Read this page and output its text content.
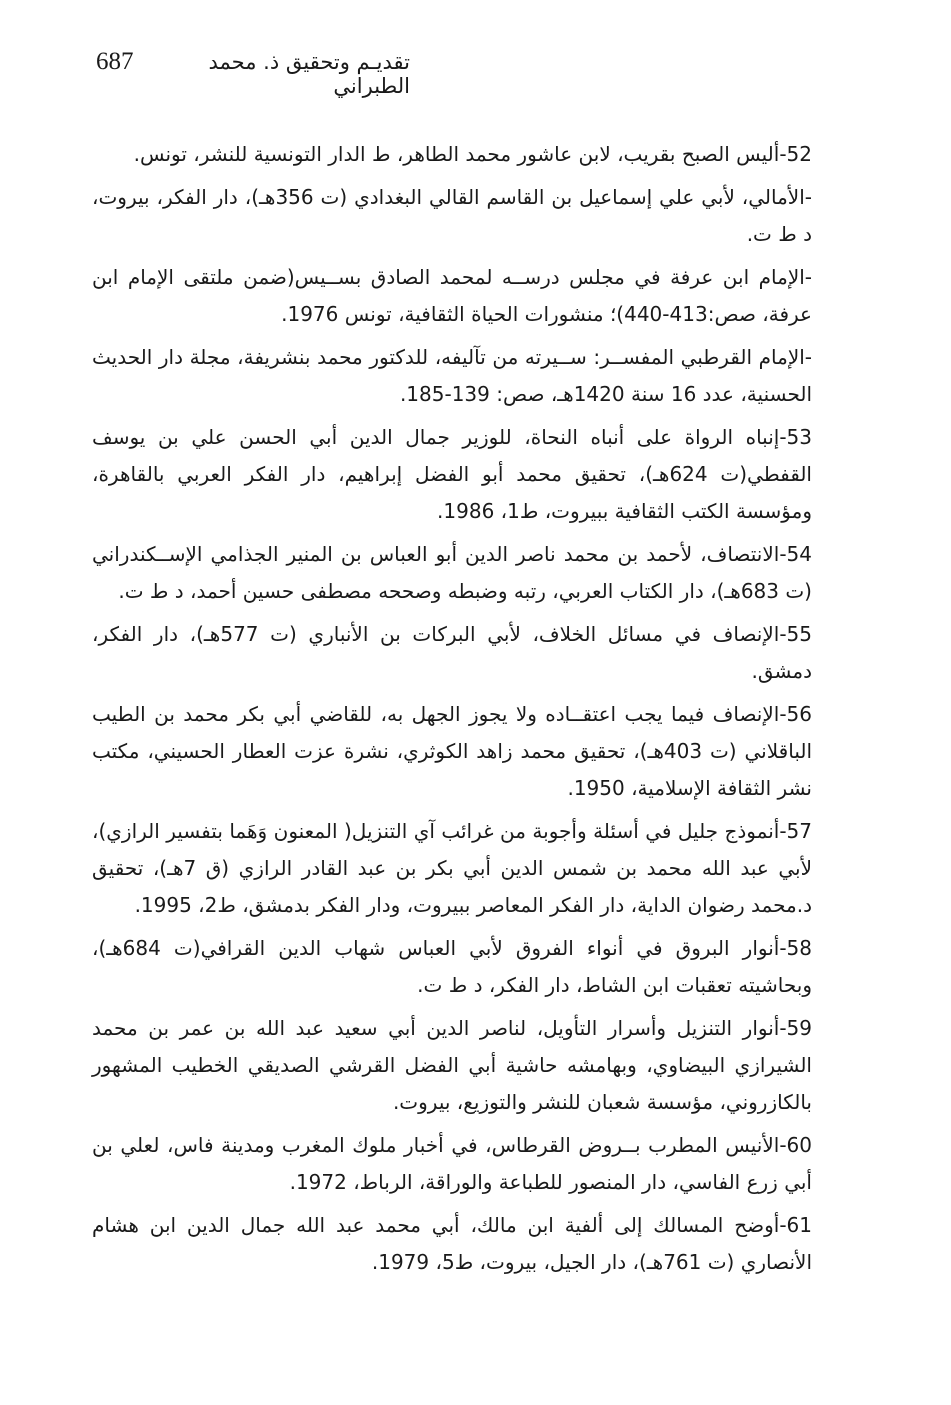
687	تقديـم وتحقيق ذ. محمد الطبراني

52-أليس الصبح بقريب، لابن عاشور محمد الطاهر، ط الدار التونسية للنشر، تونس.

-الأمالي، لأبي علي إسماعيل بن القاسم القالي البغدادي (ت 356هـ)، دار الفكر، بيروت، د ط ت.

-الإمام ابن عرفة في مجلس درســه لمحمد الصادق بســيس(ضمن ملتقى الإمام ابن عرفة، صص:413-440)؛ منشورات الحياة الثقافية، تونس 1976.

-الإمام القرطبي المفســر: ســيرته من تآليفه، للدكتور محمد بنشريفة، مجلة دار الحديث الحسنية، عدد 16 سنة 1420هـ، صص: 139-185.

53-إنباه الرواة على أنباه النحاة، للوزير جمال الدين أبي الحسن علي بن يوسف القفطي(ت 624هـ)، تحقيق محمد أبو الفضل إبراهيم، دار الفكر العربي بالقاهرة، ومؤسسة الكتب الثقافية ببيروت، ط1، 1986.

54-الانتصاف، لأحمد بن محمد ناصر الدين أبو العباس بن المنير الجذامي الإســكندراني (ت 683هـ)، دار الكتاب العربي، رتبه وضبطه وصححه مصطفى حسين أحمد، د ط ت.

55-الإنصاف في مسائل الخلاف، لأبي البركات بن الأنباري (ت 577هـ)، دار الفكر، دمشق.

56-الإنصاف فيما يجب اعتقــاده ولا يجوز الجهل به، للقاضي أبي بكر محمد بن الطيب الباقلاني (ت 403هـ)، تحقيق محمد زاهد الكوثري، نشرة عزت العطار الحسيني، مكتب نشر الثقافة الإسلامية، 1950.

57-أنموذج جليل في أسئلة وأجوبة من غرائب آي التنزيل( المعنون وَهَما بتفسير الرازي)، لأبي عبد الله محمد بن شمس الدين أبي بكر بن عبد القادر الرازي (ق 7هـ)، تحقيق د.محمد رضوان الداية، دار الفكر المعاصر ببيروت، ودار الفكر بدمشق، ط2، 1995.

58-أنوار البروق في أنواء الفروق لأبي العباس شهاب الدين القرافي(ت 684هـ)، وبحاشيته تعقبات ابن الشاط، دار الفكر، د ط ت.

59-أنوار التنزيل وأسرار التأويل، لناصر الدين أبي سعيد عبد الله بن عمر بن محمد الشيرازي البيضاوي، وبهامشه حاشية أبي الفضل القرشي الصديقي الخطيب المشهور بالكازروني، مؤسسة شعبان للنشر والتوزيع، بيروت.

60-الأنيس المطرب بــروض القرطاس، في أخبار ملوك المغرب ومدينة فاس، لعلي بن أبي زرع الفاسي، دار المنصور للطباعة والوراقة، الرباط، 1972.

61-أوضح المسالك إلى ألفية ابن مالك، أبي محمد عبد الله جمال الدين ابن هشام الأنصاري (ت 761هـ)، دار الجيل، بيروت، ط5، 1979.
